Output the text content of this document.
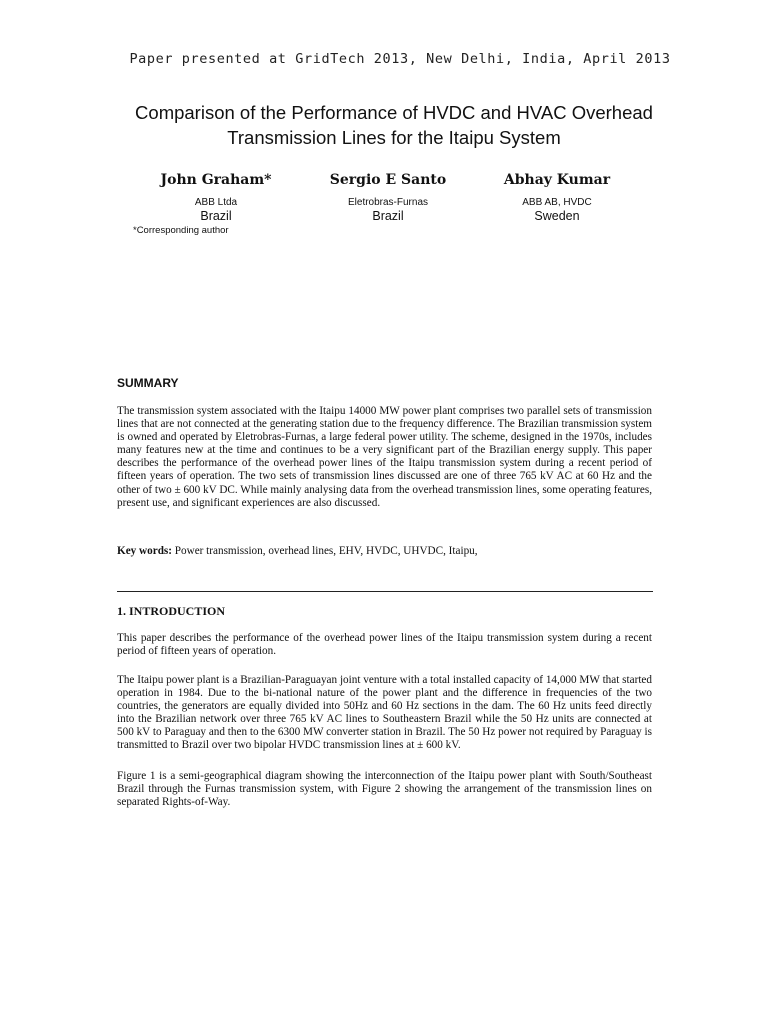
Paper presented at GridTech 2013, New Delhi, India, April 2013
Comparison of the Performance of HVDC and HVAC Overhead
Transmission Lines for the Itaipu System
John Graham*
ABB Ltda
Brazil
Sergio E Santo
Eletrobras-Furnas
Brazil
Abhay Kumar
ABB AB, HVDC
Sweden
*Corresponding author
SUMMARY

The transmission system associated with the Itaipu 14000 MW power plant comprises two parallel sets of transmission lines that are not connected at the generating station due to the frequency difference. The Brazilian transmission system is owned and operated by Eletrobras-Furnas, a large federal power utility. The scheme, designed in the 1970s, includes many features new at the time and continues to be a very significant part of the Brazilian energy supply. This paper describes the performance of the overhead power lines of the Itaipu transmission system during a recent period of fifteen years of operation. The two sets of transmission lines discussed are one of three 765 kV AC at 60 Hz and the other of two ± 600 kV DC. While mainly analysing data from the overhead transmission lines, some operating features, present use, and significant experiences are also discussed.

Key words: Power transmission, overhead lines, EHV, HVDC, UHVDC, Itaipu,

1. INTRODUCTION

This paper describes the performance of the overhead power lines of the Itaipu transmission system during a recent period of fifteen years of operation.

The Itaipu power plant is a Brazilian-Paraguayan joint venture with a total installed capacity of 14,000 MW that started operation in 1984. Due to the bi-national nature of the power plant and the difference in frequencies of the two countries, the generators are equally divided into 50Hz and 60 Hz sections in the dam. The 60 Hz units feed directly into the Brazilian network over three 765 kV AC lines to Southeastern Brazil while the 50 Hz units are connected at 500 kV to Paraguay and then to the 6300 MW converter station in Brazil. The 50 Hz power not required by Paraguay is transmitted to Brazil over two bipolar HVDC transmission lines at ± 600 kV.

Figure 1 is a semi-geographical diagram showing the interconnection of the Itaipu power plant with South/Southeast Brazil through the Furnas transmission system, with Figure 2 showing the arrangement of the transmission lines on separated Rights-of-Way.
